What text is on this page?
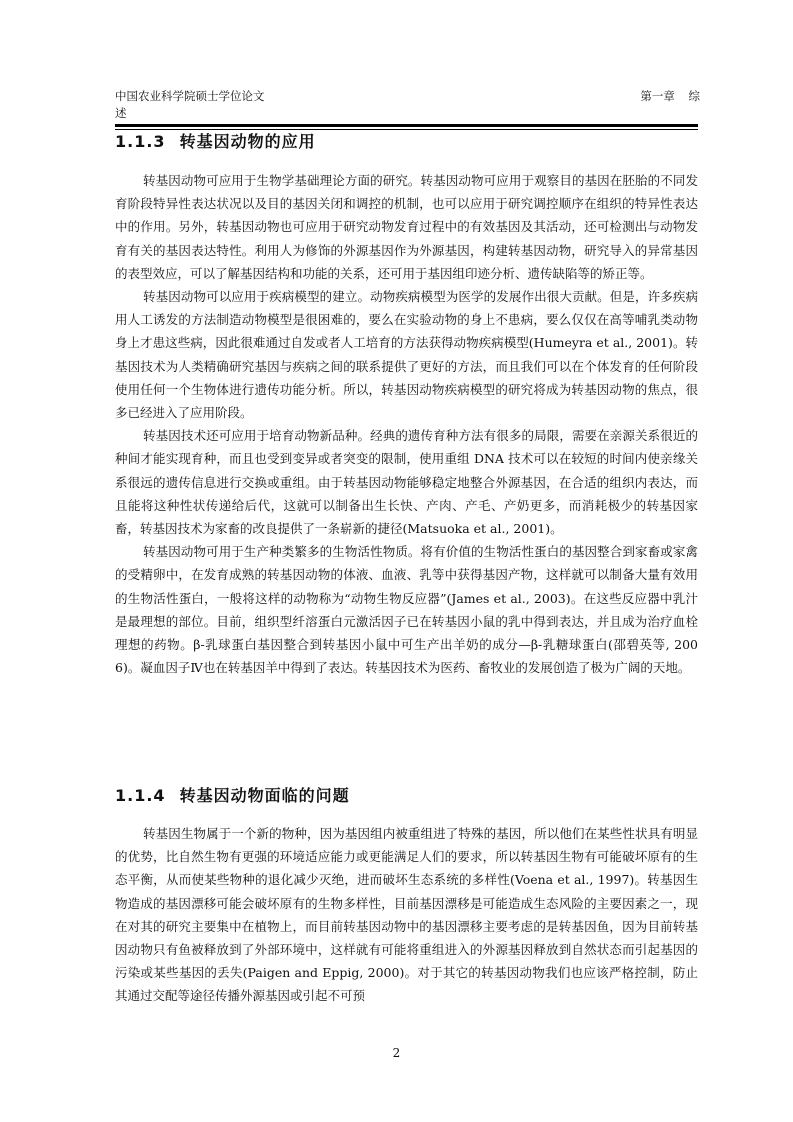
中国农业科学院硕士学位论文
述
第一章 综
1.1.3 转基因动物的应用

转基因动物可应用于生物学基础理论方面的研究。转基因动物可应用于观察目的基因在胚胎的不同发育阶段特异性表达状况以及目的基因关闭和调控的机制，也可以应用于研究调控顺序在组织的特异性表达中的作用。另外，转基因动物也可应用于研究动物发育过程中的有效基因及其活动，还可检测出与动物发育有关的基因表达特性。利用人为修饰的外源基因作为外源基因，构建转基因动物，研究导入的异常基因的表型效应，可以了解基因结构和功能的关系，还可用于基因组印迹分析、遗传缺陷等的矫正等。

转基因动物可以应用于疾病模型的建立。动物疾病模型为医学的发展作出很大贡献。但是，许多疾病用人工诱发的方法制造动物模型是很困难的，要么在实验动物的身上不患病，要么仅仅在高等哺乳类动物身上才患这些病，因此很难通过自发或者人工培育的方法获得动物疾病模型(Humeyra et al., 2001)。转基因技术为人类精确研究基因与疾病之间的联系提供了更好的方法，而且我们可以在个体发育的任何阶段使用任何一个生物体进行遗传功能分析。所以，转基因动物疾病模型的研究将成为转基因动物的焦点，很多已经进入了应用阶段。

转基因技术还可应用于培育动物新品种。经典的遗传育种方法有很多的局限，需要在亲源关系很近的种间才能实现育种，而且也受到变异或者突变的限制，使用重组 DNA 技术可以在较短的时间内使亲缘关系很远的遗传信息进行交换或重组。由于转基因动物能够稳定地整合外源基因，在合适的组织内表达，而且能将这种性状传递给后代，这就可以制备出生长快、产肉、产毛、产奶更多，而消耗极少的转基因家畜，转基因技术为家畜的改良提供了一条崭新的捷径(Matsuoka et al., 2001)。

转基因动物可用于生产种类繁多的生物活性物质。将有价值的生物活性蛋白的基因整合到家畜或家禽的受精卵中，在发育成熟的转基因动物的体液、血液、乳等中获得基因产物，这样就可以制备大量有效用的生物活性蛋白，一般将这样的动物称为“动物生物反应器”(James et al., 2003)。在这些反应器中乳汁是最理想的部位。目前，组织型纤溶蛋白元激活因子已在转基因小鼠的乳中得到表达，并且成为治疗血栓理想的药物。β-乳球蛋白基因整合到转基因小鼠中可生产出羊奶的成分—β-乳糖球蛋白(邵碧英等, 2006)。凝血因子Ⅳ也在转基因羊中得到了表达。转基因技术为医药、畜牧业的发展创造了极为广阔的天地。

1.1.4 转基因动物面临的问题

转基因生物属于一个新的物种，因为基因组内被重组进了特殊的基因，所以他们在某些性状具有明显的优势，比自然生物有更强的环境适应能力或更能满足人们的要求，所以转基因生物有可能破坏原有的生态平衡，从而使某些物种的退化减少灭绝，进而破坏生态系统的多样性(Voena et al., 1997)。转基因生物造成的基因漂移可能会破坏原有的生物多样性，目前基因漂移是可能造成生态风险的主要因素之一，现在对其的研究主要集中在植物上，而目前转基因动物中的基因漂移主要考虑的是转基因鱼，因为目前转基因动物只有鱼被释放到了外部环境中，这样就有可能将重组进入的外源基因释放到自然状态而引起基因的污染或某些基因的丢失(Paigen and Eppig, 2000)。对于其它的转基因动物我们也应该严格控制，防止其通过交配等途径传播外源基因或引起不可预

2
